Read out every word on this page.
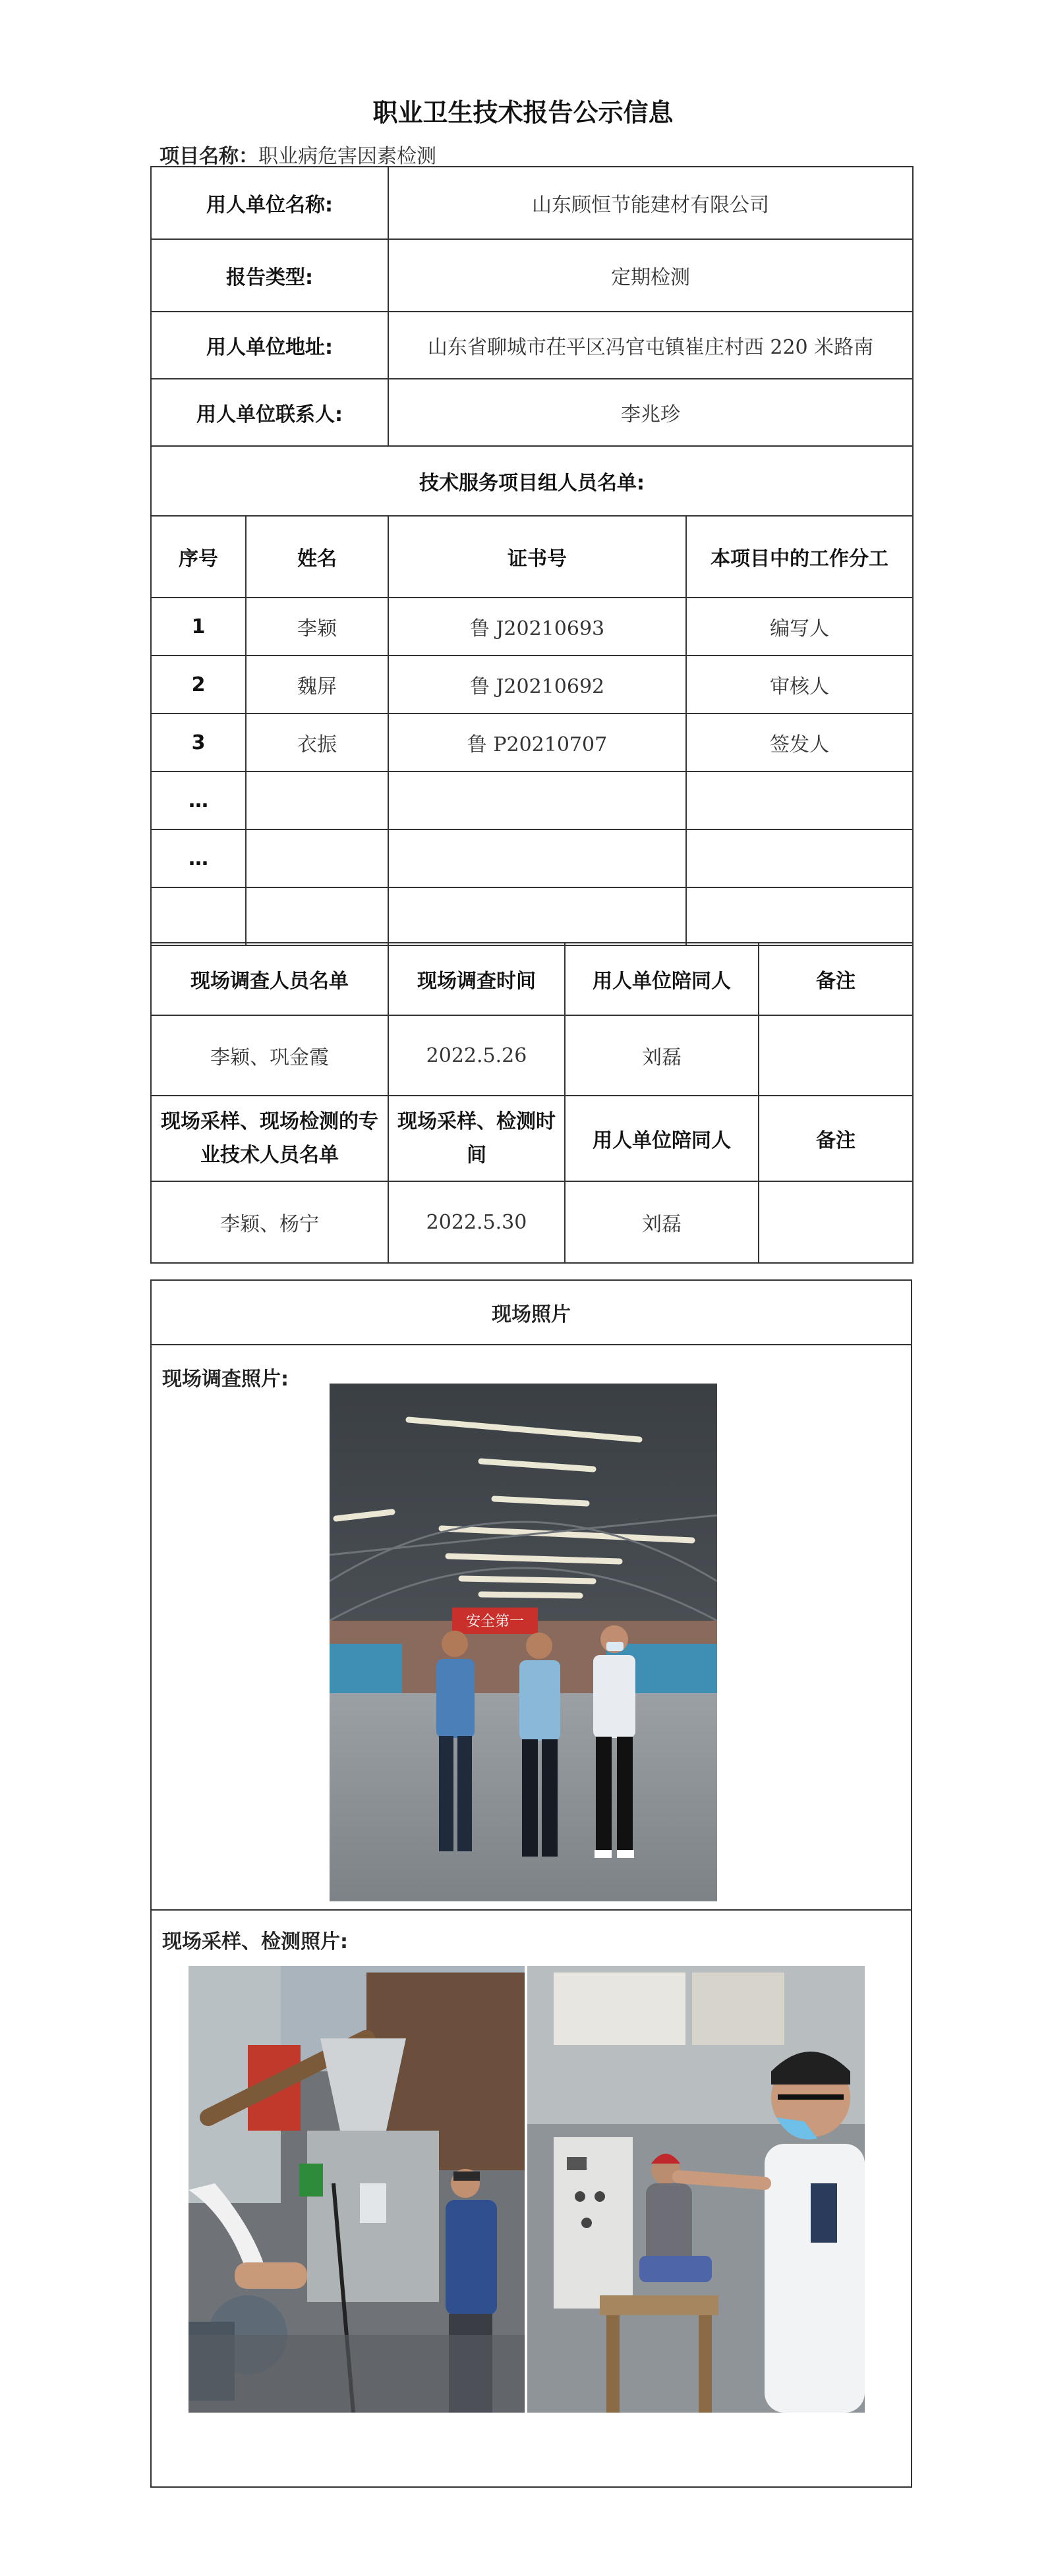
职业卫生技术报告公示信息
项目名称：职业病危害因素检测
用人单位名称:		山东顾恒节能建材有限公司	
报告类型:		定期检测	
用人单位地址:		山东省聊城市茌平区冯官屯镇崔庄村西 220 米路南	
用人单位联系人:		李兆珍	
技术服务项目组人员名单:			
序号	姓名	证书号	本项目中的工作分工
1	李颖	鲁 J20210693	编写人
2	魏屏	鲁 J20210692	审核人
3	衣振	鲁 P20210707	签发人
…			
…			

现场调查人员名单	现场调查时间	用人单位陪同人	备注
李颖、巩金霞	2022.5.26	刘磊	
现场采样、现场检测的专业技术人员名单	现场采样、检测时间	用人单位陪同人	备注
李颖、杨宁	2022.5.30	刘磊	
现场照片
现场调查照片:
安全第一
现场采样、检测照片:
